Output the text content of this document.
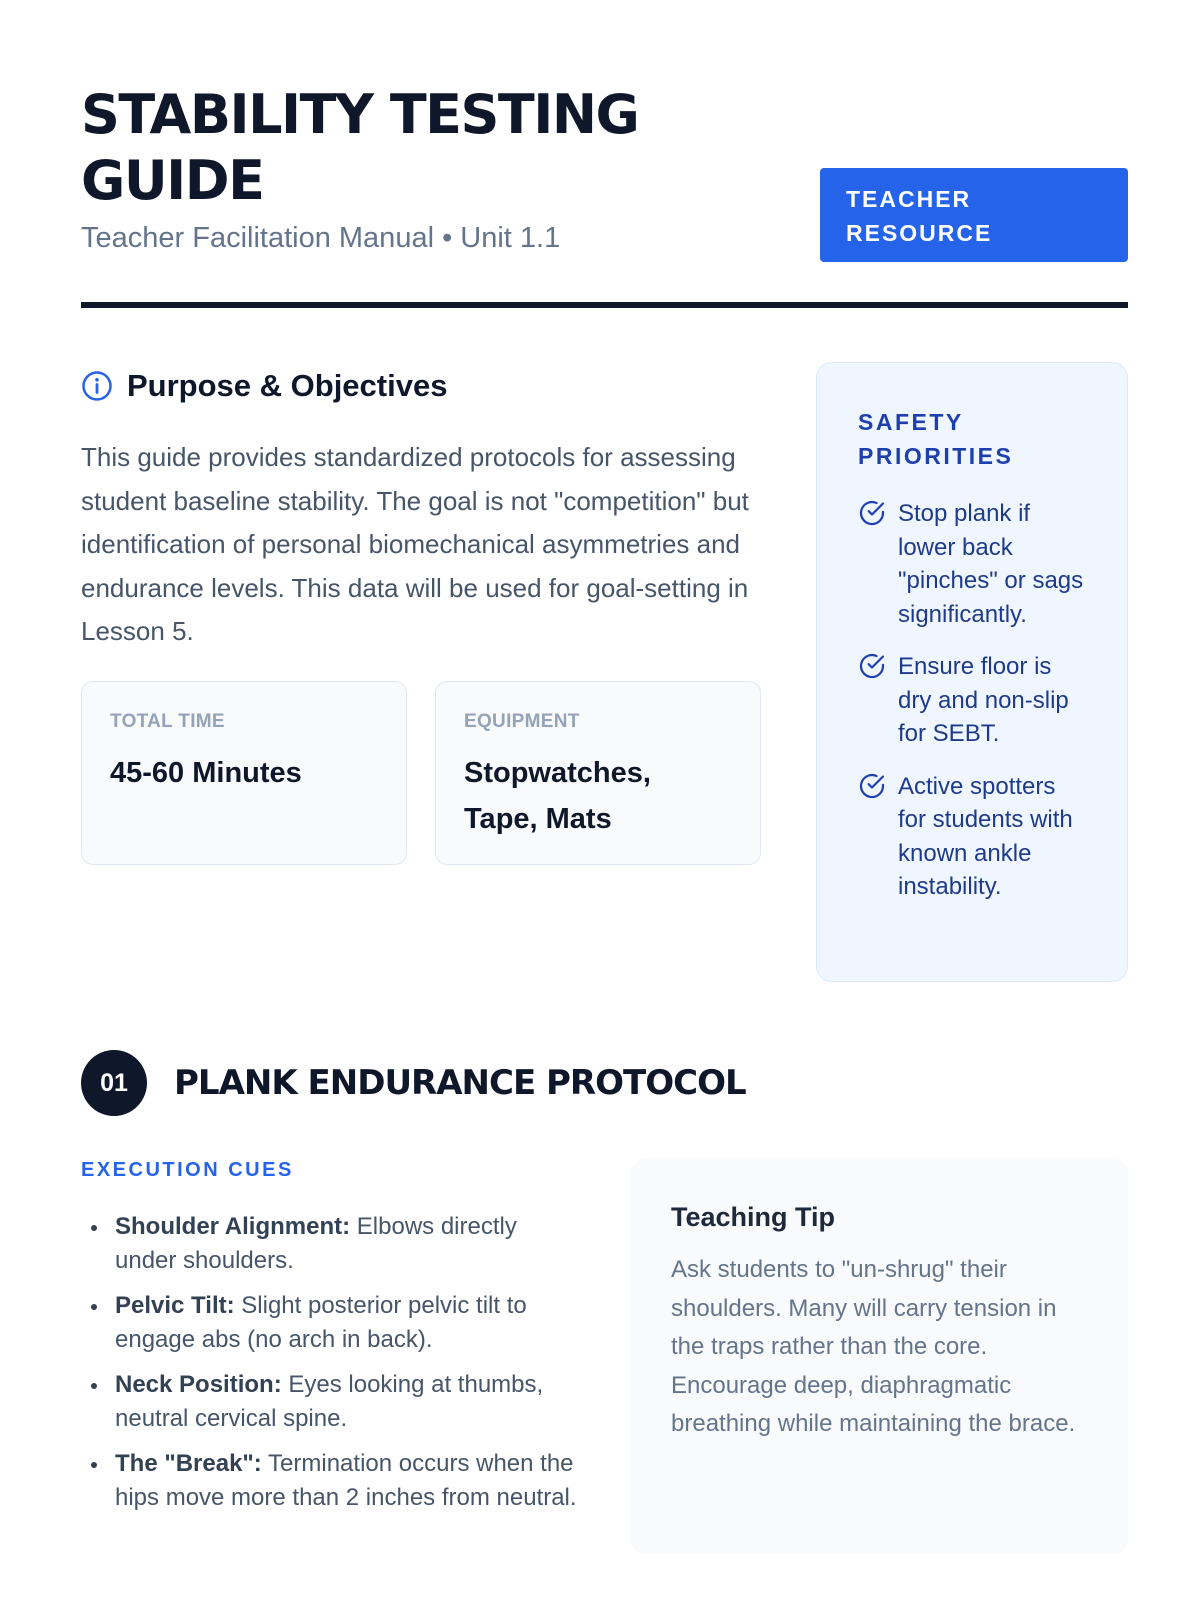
STABILITY TESTING GUIDE
Teacher Facilitation Manual • Unit 1.1
TEACHER RESOURCE
Purpose & Objectives

This guide provides standardized protocols for assessing student baseline stability. The goal is not "competition" but identification of personal biomechanical asymmetries and endurance levels. This data will be used for goal-setting in Lesson 5.

TOTAL TIME
45-60 Minutes
EQUIPMENT
Stopwatches, Tape, Mats
SAFETY PRIORITIES
Stop plank if lower back "pinches" or sags significantly.
Ensure floor is dry and non-slip for SEBT.
Active spotters for students with known ankle instability.
01	PLANK ENDURANCE PROTOCOL
EXECUTION CUES
Shoulder Alignment: Elbows directly under shoulders.
Pelvic Tilt: Slight posterior pelvic tilt to engage abs (no arch in back).
Neck Position: Eyes looking at thumbs, neutral cervical spine.
The "Break": Termination occurs when the hips move more than 2 inches from neutral.
Teaching Tip

Ask students to "un-shrug" their shoulders. Many will carry tension in the traps rather than the core. Encourage deep, diaphragmatic breathing while maintaining the brace.
